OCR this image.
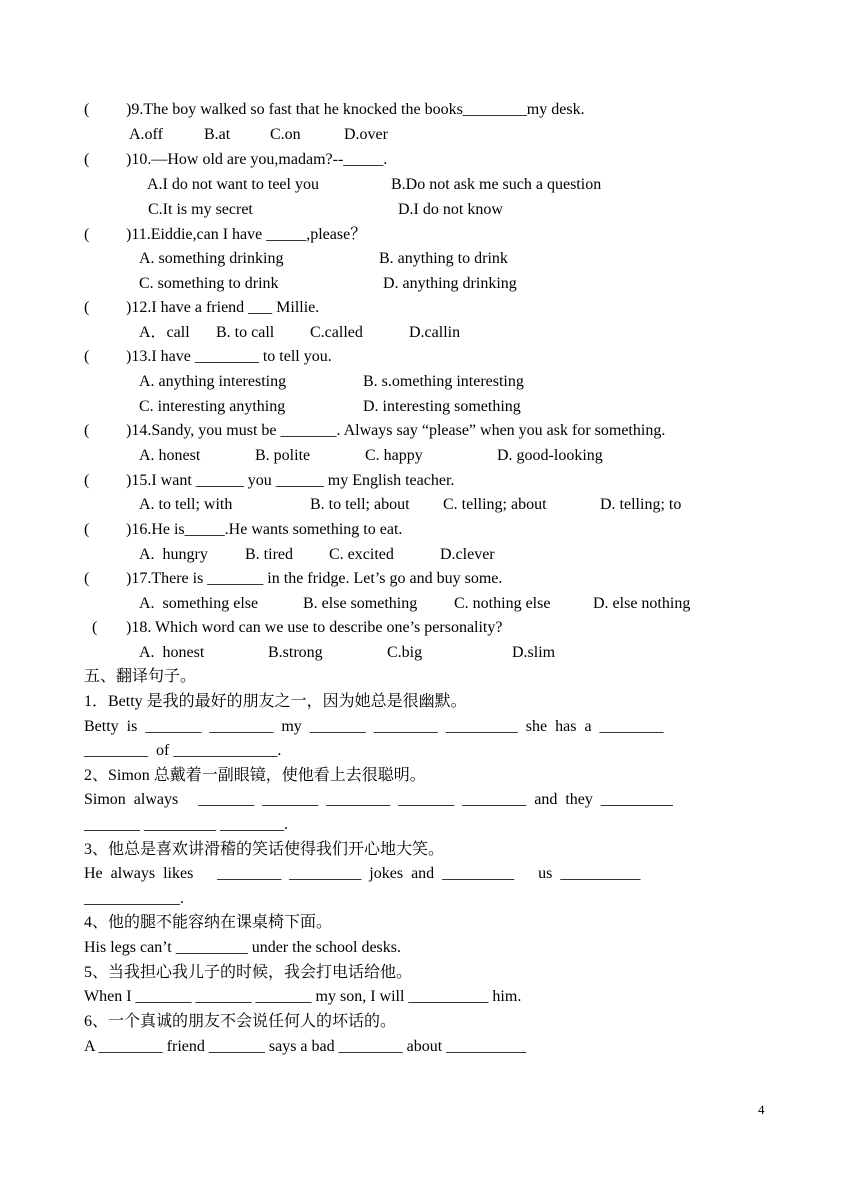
( )9.The boy walked so fast that he knocked the books________my desk.
A.off	B.at C.on	D.over
( )10.—How old are you,madam?--_____.
A.I do not want to teel you	B.Do not ask me such a question
C.It is my secret	D.I do not know
( )11.Eiddie,can I have _____,please？
A. something drinking	B. anything to drink
C. something to drink	D. anything drinking
( )12.I have a friend ___ Millie.
A．call B. to call C.called	D.callin
( )13.I have ________ to tell you.
A. anything interesting	B. s.omething interesting
C. interesting anything	D. interesting something
( )14.Sandy, you must be _______. Always say “please” when you ask for something.
A. honest	B. polite	C. happy	D. good-looking
( )15.I want ______ you ______ my English teacher.
A. to tell; with	B. to tell; about C. telling; about	D. telling; to
( )16.He is_____.He wants something to eat.
A.  hungry B. tired C. excited	D.clever
( )17.There is _______ in the fridge. Let’s go and buy some.
A.  something else	B. else something C. nothing else	D. else nothing
( )18. Which word can we use to describe one’s personality?
A.  honest	B.strong	C.big	D.slim
五、翻译句子。
1．Betty 是我的最好的朋友之一，因为她总是很幽默。
Betty  is  _______  ________  my  _______  ________  _________  she  has  a  ________
________  of _____________.
2、Simon 总戴着一副眼镜，使他看上去很聪明。
Simon  always     _______  _______  ________  _______  ________  and  they  _________
_______ _________ ________.
3、他总是喜欢讲滑稽的笑话使得我们开心地大笑。
He  always  likes      ________  _________  jokes  and  _________      us  __________
____________.
4、他的腿不能容纳在课桌椅下面。
His legs can’t _________ under the school desks.
5、当我担心我儿子的时候，我会打电话给他。
When I _______ _______ _______ my son, I will __________ him.
6、一个真诚的朋友不会说任何人的坏话的。
A ________ friend _______ says a bad ________ about __________
4
